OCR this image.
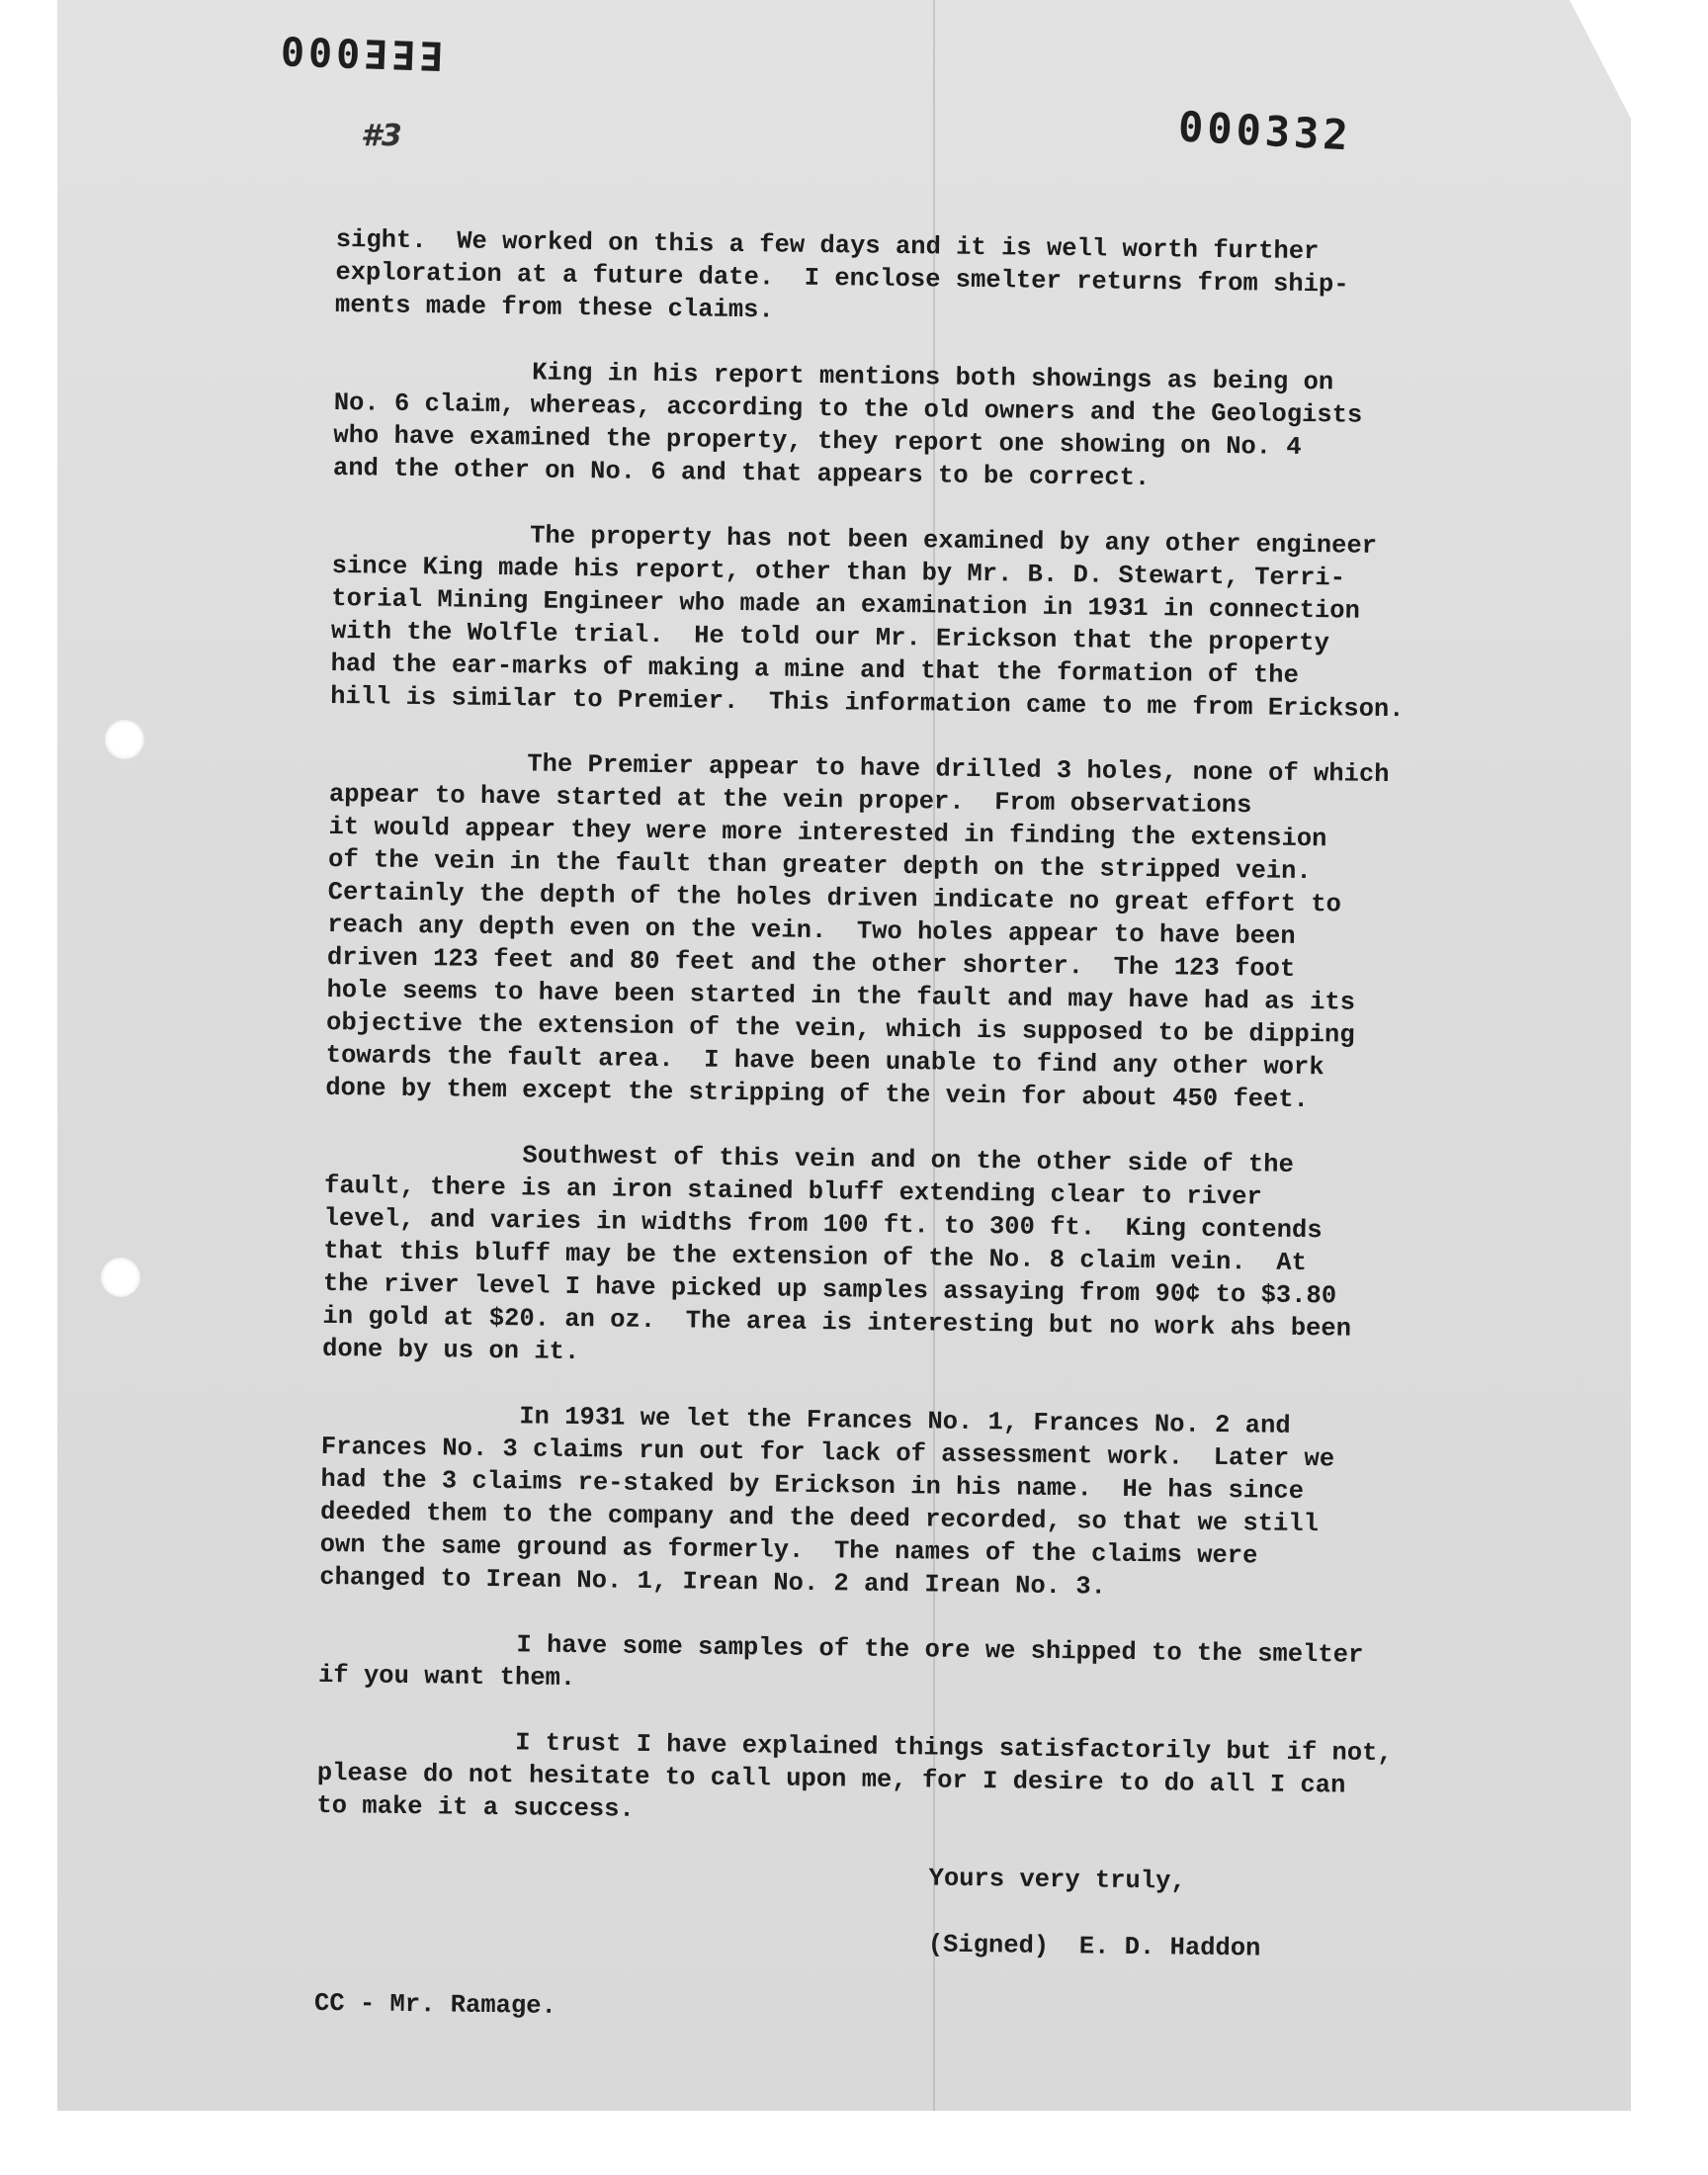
EEE000
000332
#3
sight.  We worked on this a few days and it is well worth further
exploration at a future date.  I enclose smelter returns from ship-
ments made from these claims.
King in his report mentions both showings as being on
No. 6 claim, whereas, according to the old owners and the Geologists
who have examined the property, they report one showing on No. 4
and the other on No. 6 and that appears to be correct.
The property has not been examined by any other engineer
since King made his report, other than by Mr. B. D. Stewart, Terri-
torial Mining Engineer who made an examination in 1931 in connection
with the Wolfle trial.  He told our Mr. Erickson that the property
had the ear-marks of making a mine and that the formation of the
hill is similar to Premier.  This information came to me from Erickson.
The Premier appear to have drilled 3 holes, none of which
appear to have started at the vein proper.  From observations
it would appear they were more interested in finding the extension
of the vein in the fault than greater depth on the stripped vein.
Certainly the depth of the holes driven indicate no great effort to
reach any depth even on the vein.  Two holes appear to have been
driven 123 feet and 80 feet and the other shorter.  The 123 foot
hole seems to have been started in the fault and may have had as its
objective the extension of the vein, which is supposed to be dipping
towards the fault area.  I have been unable to find any other work
done by them except the stripping of the vein for about 450 feet.
Southwest of this vein and on the other side of the
fault, there is an iron stained bluff extending clear to river
level, and varies in widths from 100 ft. to 300 ft.  King contends
that this bluff may be the extension of the No. 8 claim vein.  At
the river level I have picked up samples assaying from 90¢ to $3.80
in gold at $20. an oz.  The area is interesting but no work ahs been
done by us on it.
In 1931 we let the Frances No. 1, Frances No. 2 and
Frances No. 3 claims run out for lack of assessment work.  Later we
had the 3 claims re-staked by Erickson in his name.  He has since
deeded them to the company and the deed recorded, so that we still
own the same ground as formerly.  The names of the claims were
changed to Irean No. 1, Irean No. 2 and Irean No. 3.
I have some samples of the ore we shipped to the smelter
if you want them.
I trust I have explained things satisfactorily but if not,
please do not hesitate to call upon me, for I desire to do all I can
to make it a success.
Yours very truly,
(Signed)  E. D. Haddon
CC - Mr. Ramage.
